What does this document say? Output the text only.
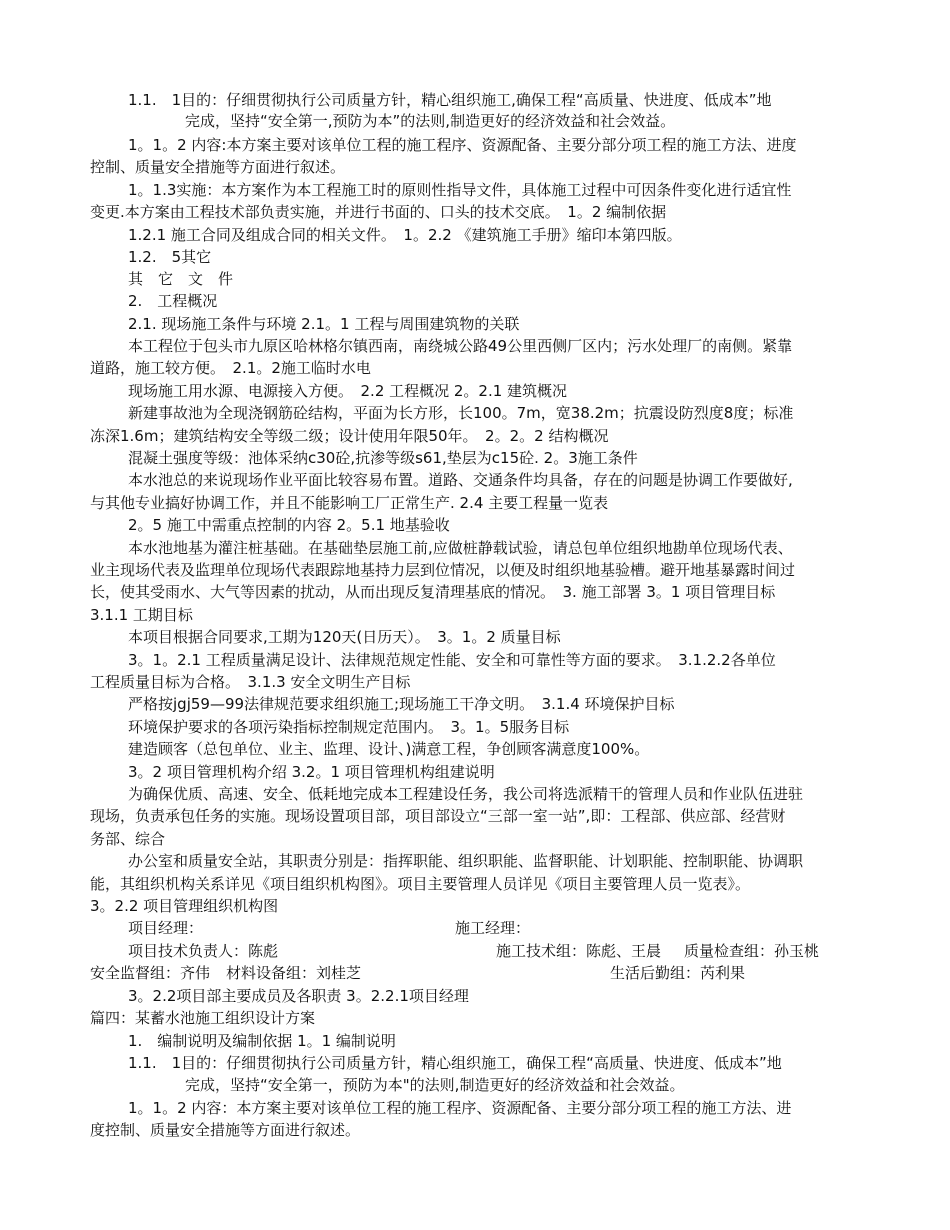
1.1.　1目的：仔细贯彻执行公司质量方针，精心组织施工,确保工程“高质量、快进度、低成本”地
完成，坚持“安全第一,预防为本”的法则,制造更好的经济效益和社会效益。
1。1。2 内容:本方案主要对该单位工程的施工程序、资源配备、主要分部分项工程的施工方法、进度
控制、质量安全措施等方面进行叙述。
1。1.3实施：本方案作为本工程施工时的原则性指导文件，具体施工过程中可因条件变化进行适宜性
变更.本方案由工程技术部负责实施，并进行书面的、口头的技术交底。　1。2 编制依据
1.2.1 施工合同及组成合同的相关文件。　1。2.2 《建筑施工手册》缩印本第四版。
1.2.　5其它
其　它　文　件
2.　工程概况
2.1. 现场施工条件与环境 2.1。1 工程与周围建筑物的关联
本工程位于包头市九原区哈林格尔镇西南，南绕城公路49公里西侧厂区内；污水处理厂的南侧。紧靠
道路，施工较方便。　2.1。2施工临时水电
现场施工用水源、电源接入方便。　2.2 工程概况 2。2.1 建筑概况
新建事故池为全现浇钢筋砼结构，平面为长方形，长100。7m，宽38.2m；抗震设防烈度8度；标准
冻深1.6m；建筑结构安全等级二级；设计使用年限50年。　2。2。2 结构概况
混凝土强度等级：池体采纳c30砼,抗渗等级s61,垫层为c15砼. 2。3施工条件
本水池总的来说现场作业平面比较容易布置。道路、交通条件均具备，存在的问题是协调工作要做好,
与其他专业搞好协调工作，并且不能影响工厂正常生产. 2.4 主要工程量一览表
2。5 施工中需重点控制的内容 2。5.1 地基验收
本水池地基为灌注桩基础。在基础垫层施工前,应做桩静载试验，请总包单位组织地勘单位现场代表、
业主现场代表及监理单位现场代表跟踪地基持力层到位情况，以便及时组织地基验槽。避开地基暴露时间过
长，使其受雨水、大气等因素的扰动，从而出现反复清理基底的情况。　3. 施工部署 3。1 项目管理目标
3.1.1 工期目标
本项目根据合同要求,工期为120天(日历天）。　3。1。2 质量目标
3。1。2.1 工程质量满足设计、法律规范规定性能、安全和可靠性等方面的要求。　3.1.2.2各单位
工程质量目标为合格。　3.1.3 安全文明生产目标
严格按jgj59—99法律规范要求组织施工;现场施工干净文明。　3.1.4 环境保护目标
环境保护要求的各项污染指标控制规定范围内。　3。1。5服务目标
建造顾客（总包单位、业主、监理、设计、)满意工程，争创顾客满意度100%。
3。2 项目管理机构介绍 3.2。1 项目管理机构组建说明
为确保优质、高速、安全、低耗地完成本工程建设任务，我公司将选派精干的管理人员和作业队伍进驻
现场，负责承包任务的实施。现场设置项目部，项目部设立“三部一室一站”,即：工程部、供应部、经营财
务部、综合
办公室和质量安全站，其职责分别是：指挥职能、组织职能、监督职能、计划职能、控制职能、协调职
能，其组织机构关系详见《项目组织机构图》。项目主要管理人员详见《项目主要管理人员一览表》。
3。2.2 项目管理组织机构图
项目经理：	施工经理：
项目技术负责人：陈彪	施工技术组：陈彪、王晨 质量检查组：孙玉桃
安全监督组：齐伟 材料设备组：刘桂芝	生活后勤组：芮利果
3。2.2项目部主要成员及各职责 3。2.2.1项目经理
篇四：某蓄水池施工组织设计方案
1.　编制说明及编制依据 1。1 编制说明
1.1.　1目的：仔细贯彻执行公司质量方针，精心组织施工，确保工程“高质量、快进度、低成本”地
完成，坚持“安全第一，预防为本"的法则,制造更好的经济效益和社会效益。
1。1。2 内容：本方案主要对该单位工程的施工程序、资源配备、主要分部分项工程的施工方法、进
度控制、质量安全措施等方面进行叙述。
